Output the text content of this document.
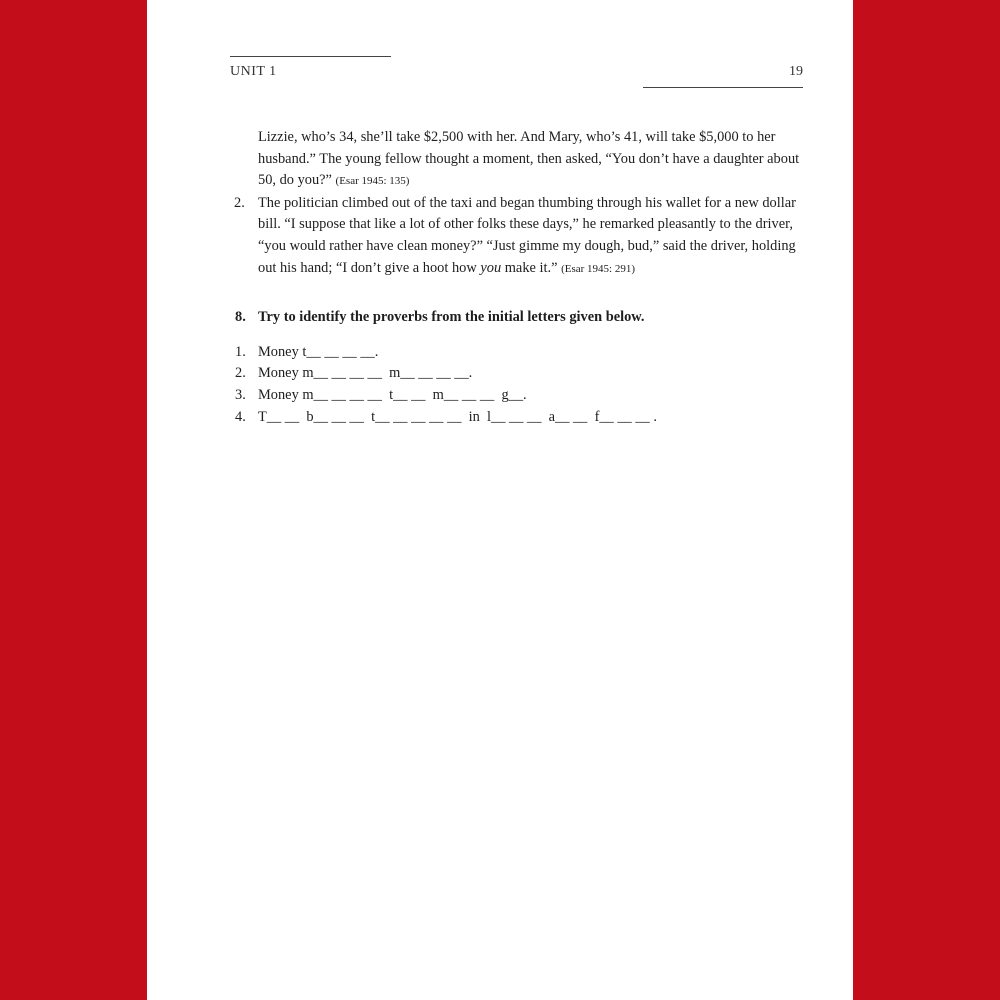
UNIT 1	19
Lizzie, who’s 34, she’ll take $2,500 with her. And Mary, who’s 41, will take $5,000 to her husband.” The young fellow thought a moment, then asked, “You don’t have a daughter about 50, do you?” (Esar 1945: 135)
2. The politician climbed out of the taxi and began thumbing through his wallet for a new dollar bill. “I suppose that like a lot of other folks these days,” he remarked pleasantly to the driver, “you would rather have clean money?” “Just gimme my dough, bud,” said the driver, holding out his hand; “I don’t give a hoot how you make it.” (Esar 1945: 291)
8. Try to identify the proverbs from the initial letters given below.
1. Money t__ __ __ __.
2. Money m__ __ __ __  m__ __ __ __.
3. Money m__ __ __ __  t__ __  m__ __ __  g__.
4. T__ __  b__ __ __  t__ __ __ __ __  in  l__ __ __  a__ __  f__ __ __ .
